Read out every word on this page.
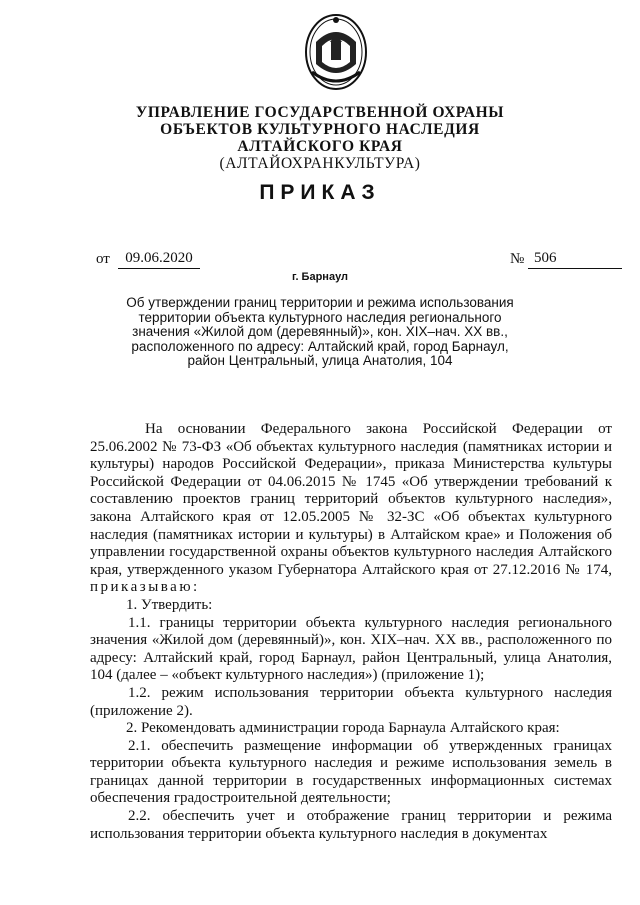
УПРАВЛЕНИЕ ГОСУДАРСТВЕННОЙ ОХРАНЫ
ОБЪЕКТОВ КУЛЬТУРНОГО НАСЛЕДИЯ
АЛТАЙСКОГО КРАЯ
(АЛТАЙОХРАНКУЛЬТУРА)
ПРИКАЗ
от	09.06.2020	№ 506
г. Барнаул
Об утверждении границ территории и режима использования
территории объекта культурного наследия регионального
значения «Жилой дом (деревянный)», кон. XIX–нач. XX вв.,
расположенного по адресу: Алтайский край, город Барнаул,
район Центральный, улица Анатолия, 104

На основании Федерального закона Российской Федерации от 25.06.2002 № 73-ФЗ «Об объектах культурного наследия (памятниках истории и культуры) народов Российской Федерации», приказа Министерства культуры Российской Федерации от 04.06.2015 № 1745 «Об утверждении требований к составлению проектов границ территорий объектов культурного наследия», закона Алтайского края от 12.05.2005 № 32-ЗС «Об объектах культурного наследия (памятниках истории и культуры) в Алтайском крае» и Положения об управлении государственной охраны объектов культурного наследия Алтайского края, утвержденного указом Губернатора Алтайского края от 27.12.2016 № 174, приказываю:

1. Утвердить:

1.1. границы территории объекта культурного наследия регионального значения «Жилой дом (деревянный)», кон. XIX–нач. XX вв., расположенного по адресу: Алтайский край, город Барнаул, район Центральный, улица Анатолия, 104 (далее – «объект культурного наследия») (приложение 1);

1.2. режим использования территории объекта культурного наследия (приложение 2).

2. Рекомендовать администрации города Барнаула Алтайского края:

2.1. обеспечить размещение информации об утвержденных границах территории объекта культурного наследия и режиме использования земель в границах данной территории в государственных информационных системах обеспечения градостроительной деятельности;

2.2. обеспечить учет и отображение границ территории и режима использования территории объекта культурного наследия в документах
